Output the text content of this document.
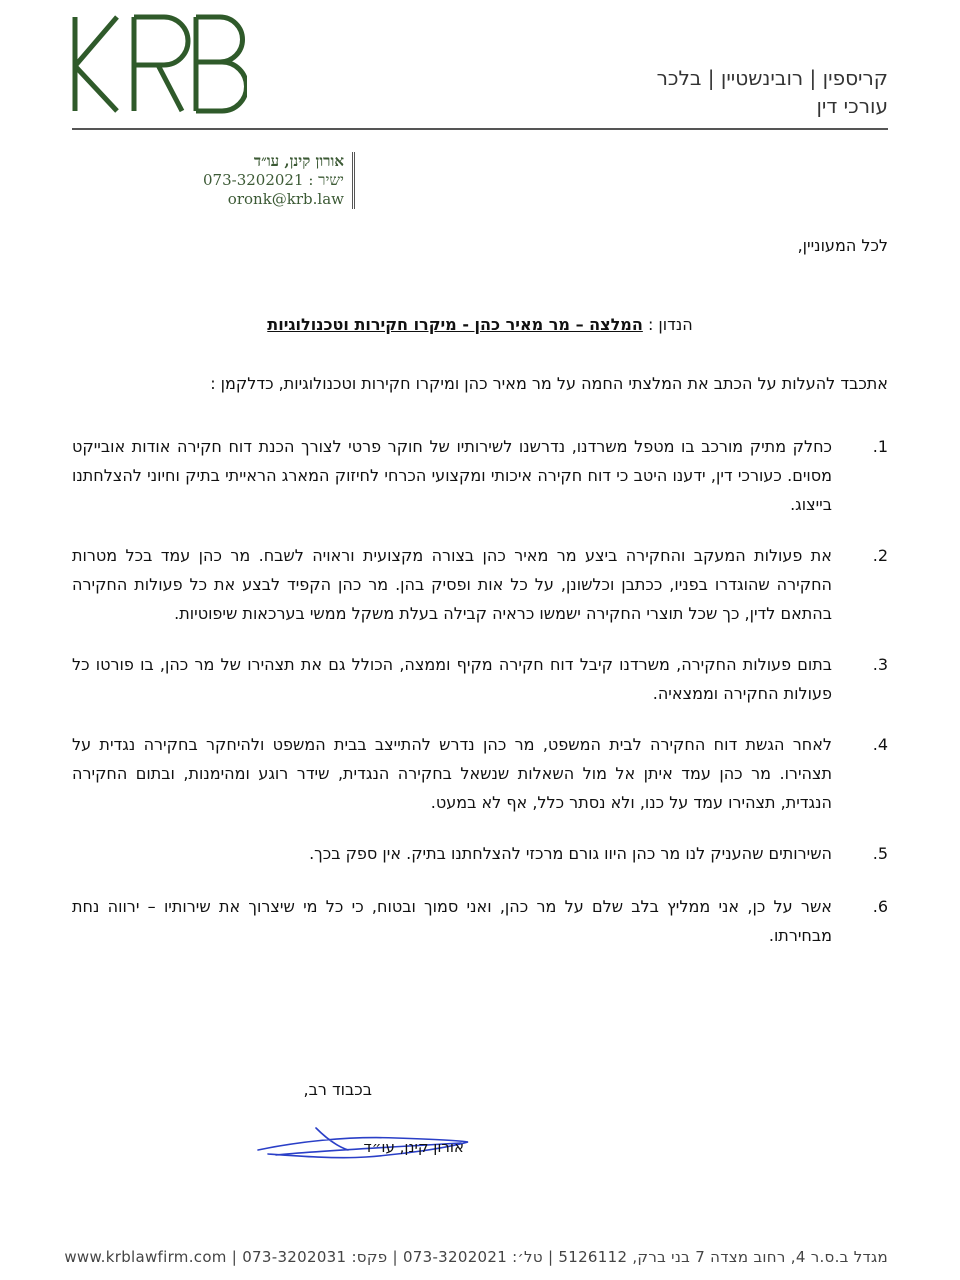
קריספין | רובינשטיין | בלכר
עורכי דין
אורון קינן, עו״ד
ישיר : 073-3202021
oronk@krb.law
לכל המעוניין,
הנדון : המלצה – מר מאיר כהן - מיקרו חקירות וטכנולוגיות
אתכבד להעלות על הכתב את המלצתי החמה על מר מאיר כהן ומיקרו חקירות וטכנולוגיות, כדלקמן :
1.
כחלק מתיק מורכב בו מטפל משרדנו, נדרשנו לשירותיו של חוקר פרטי לצורך הכנת דוח חקירה אודות אובייקט מסוים. כעורכי דין, ידענו היטב כי דוח חקירה איכותי ומקצועי הכרחי לחיזוק המארג הראייתי בתיק וחיוני להצלחתנו בייצוג.
2.
את פעולות המעקב והחקירה ביצע מר מאיר כהן בצורה מקצועית וראויה לשבח. מר כהן עמד בכל מטרות החקירה שהוגדרו בפניו, ככתבן וכלשונן, על כל אות ופסיק בהן. מר כהן הקפיד לבצע את כל פעולות החקירה בהתאם לדין, כך שכל תוצרי החקירה ישמשו כראיה קבילה בעלת משקל ממשי בערכאות שיפוטיות.
3.
בתום פעולות החקירה, משרדנו קיבל דוח חקירה מקיף וממצה, הכולל גם את תצהירו של מר כהן, בו פורטו כל פעולות החקירה וממצאיה.
4.
לאחר הגשת דוח החקירה לבית המשפט, מר כהן נדרש להתייצב בבית המשפט ולהיחקר בחקירה נגדית על תצהירו. מר כהן עמד איתן אל מול השאלות שנשאל בחקירה הנגדית, שידר רוגע ומהימנות, ובתום החקירה הנגדית, תצהירו עמד על כנו, ולא נסתר כלל, אף לא במעט.
5.
השירותים שהעניק לנו מר כהן היוו גורם מרכזי להצלחתנו בתיק. אין ספק בכך.
6.
אשר על כן, אני ממליץ בלב שלם על מר כהן, ואני סמוך ובטוח, כי כל מי שיצרוך את שירותיו – ירווה נחת מבחירתו.
בכבוד רב,
אורון קינן, עו״ד
מגדל ב.ס.ר 4, רחוב מצדה 7 בני ברק, 5126112 | טל׳: 073-3202021 | פקס: 073-3202031 | www.krblawfirm.com
